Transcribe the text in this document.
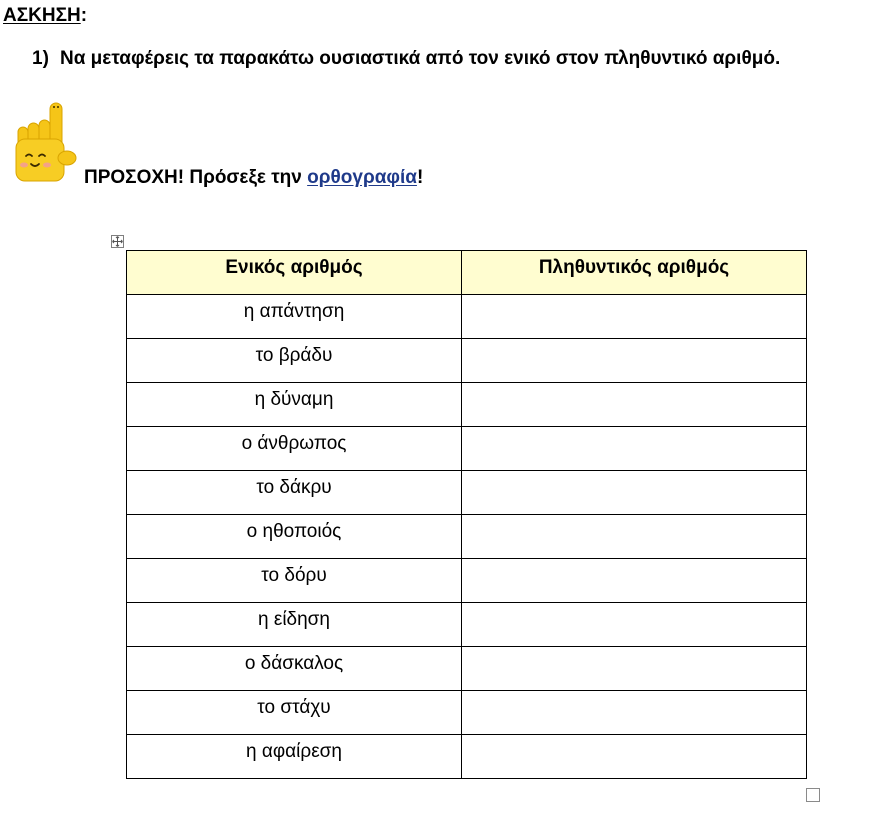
ΑΣΚΗΣΗ:
1) Να μεταφέρεις τα παρακάτω ουσιαστικά από τον ενικό στον πληθυντικό αριθμό.
ΠΡΟΣΟΧΗ! Πρόσεξε την ορθογραφία!
Ενικός αριθμός	Πληθυντικός αριθμός
η απάντηση	
το βράδυ	
η δύναμη	
ο άνθρωπος	
το δάκρυ	
ο ηθοποιός	
το δόρυ	
η είδηση	
ο δάσκαλος	
το στάχυ	
η αφαίρεση	
